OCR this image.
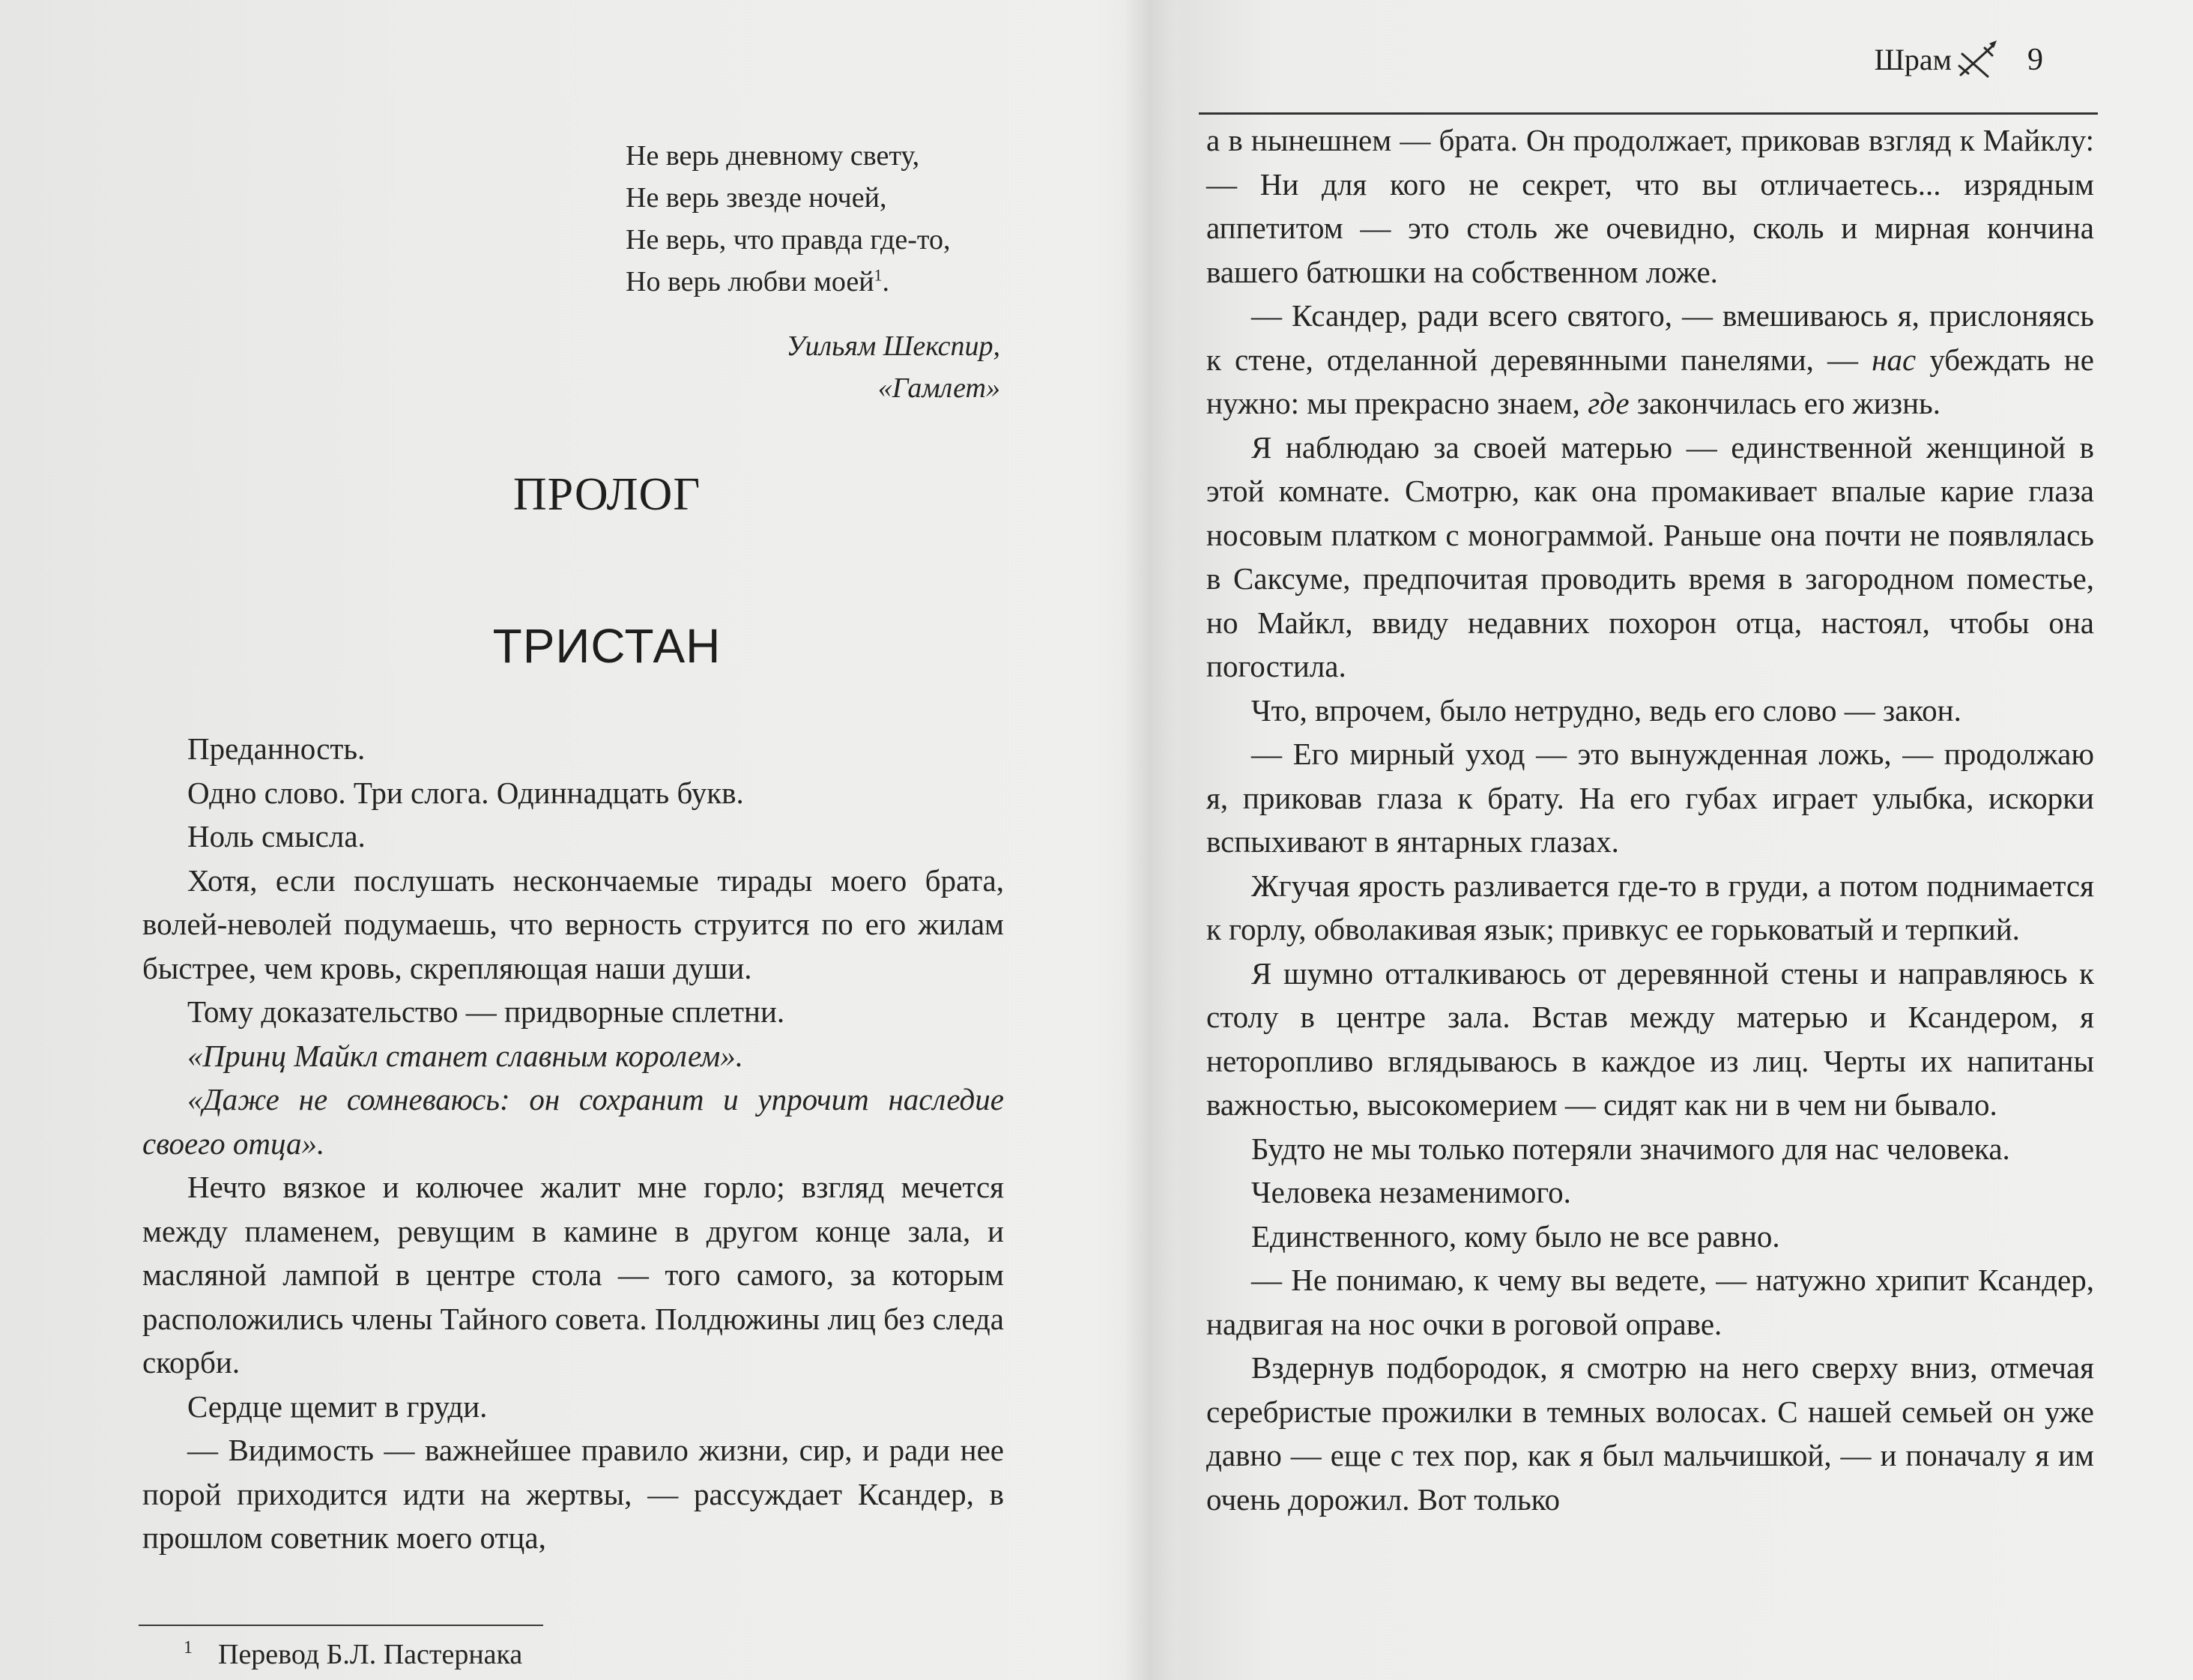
Не верь дневному свету,
Не верь звезде ночей,
Не верь, что правда где-то,
Но верь любви моей$^1$.
Уильям Шекспир,
«Гамлет»
ПРОЛОГ
ТРИСТАН

Преданность.

Одно слово. Три слога. Одиннадцать букв.

Ноль смысла.

Хотя, если послушать нескончаемые тирады моего брата, волей-неволей подумаешь, что верность струится по его жилам быстрее, чем кровь, скрепляющая наши души.

Тому доказательство — придворные сплетни.

«Принц Майкл станет славным королем».

«Даже не сомневаюсь: он сохранит и упрочит наследие своего отца».

Нечто вязкое и колючее жалит мне горло; взгляд мечется между пламенем, ревущим в камине в другом конце зала, и масляной лампой в центре стола — того самого, за которым расположились члены Тайного совета. Полдюжины лиц без следа скорби.

Сердце щемит в груди.

— Видимость — важнейшее правило жизни, сир, и ради нее порой приходится идти на жертвы, — рассуждает Ксандер, в прошлом советник моего отца,

$^1$ Перевод Б.Л. Пастернака
Шрам 9

а в нынешнем — брата. Он продолжает, приковав взгляд к Майклу: — Ни для кого не секрет, что вы отличаетесь... изрядным аппетитом — это столь же очевидно, сколь и мирная кончина вашего батюшки на собственном ложе.

— Ксандер, ради всего святого, — вмешиваюсь я, прислоняясь к стене, отделанной деревянными панелями, — нас убеждать не нужно: мы прекрасно знаем, где закончилась его жизнь.

Я наблюдаю за своей матерью — единственной женщиной в этой комнате. Смотрю, как она промакивает впалые карие глаза носовым платком с монограммой. Раньше она почти не появлялась в Саксуме, предпочитая проводить время в загородном поместье, но Майкл, ввиду недавних похорон отца, настоял, чтобы она погостила.

Что, впрочем, было нетрудно, ведь его слово — закон.

— Его мирный уход — это вынужденная ложь, — продолжаю я, приковав глаза к брату. На его губах играет улыбка, искорки вспыхивают в янтарных глазах.

Жгучая ярость разливается где-то в груди, а потом поднимается к горлу, обволакивая язык; привкус ее горьковатый и терпкий.

Я шумно отталкиваюсь от деревянной стены и направляюсь к столу в центре зала. Встав между матерью и Ксандером, я неторопливо вглядываюсь в каждое из лиц. Черты их напитаны важностью, высокомерием — сидят как ни в чем ни бывало.

Будто не мы только потеряли значимого для нас человека.

Человека незаменимого.

Единственного, кому было не все равно.

— Не понимаю, к чему вы ведете, — натужно хрипит Ксандер, надвигая на нос очки в роговой оправе.

Вздернув подбородок, я смотрю на него сверху вниз, отмечая серебристые прожилки в темных волосах. С нашей семьей он уже давно — еще с тех пор, как я был мальчишкой, — и поначалу я им очень дорожил. Вот только
